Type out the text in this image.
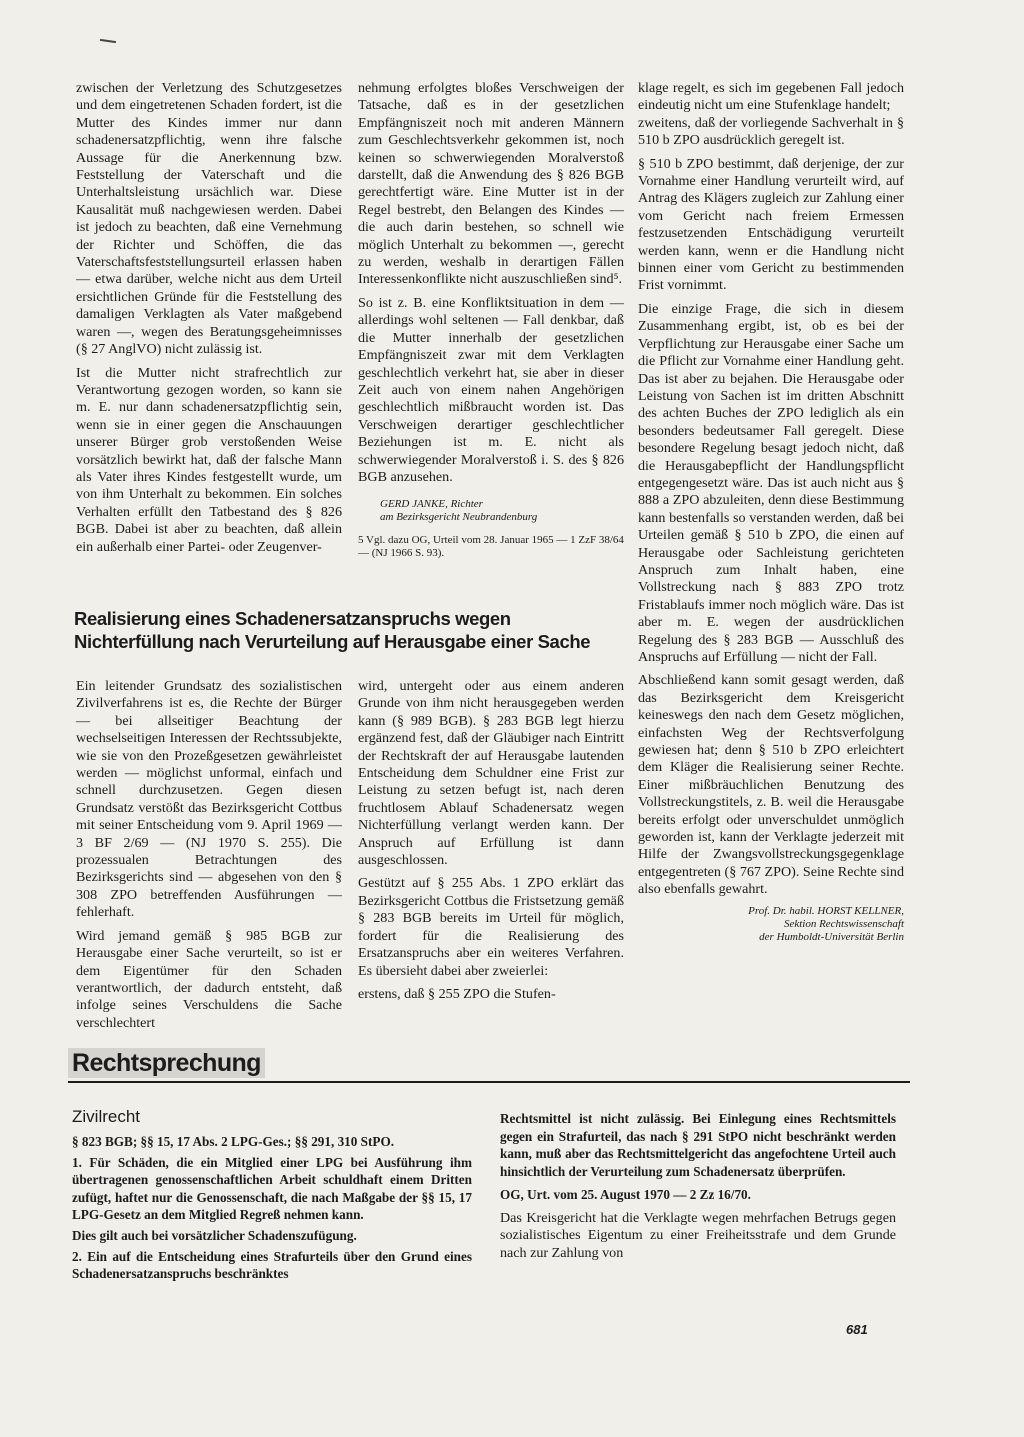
zwischen der Verletzung des Schutzgesetzes und dem eingetretenen Schaden fordert, ist die Mutter des Kindes immer nur dann schadenersatzpflichtig, wenn ihre falsche Aussage für die Anerkennung bzw. Feststellung der Vaterschaft und die Unterhaltsleistung ursächlich war. Diese Kausalität muß nachgewiesen werden. Dabei ist jedoch zu beachten, daß eine Vernehmung der Richter und Schöffen, die das Vaterschaftsfeststellungsurteil erlassen haben — etwa darüber, welche nicht aus dem Urteil ersichtlichen Gründe für die Feststellung des damaligen Verklagten als Vater maßgebend waren —, wegen des Beratungsgeheimnisses (§ 27 AnglVO) nicht zulässig ist.

Ist die Mutter nicht strafrechtlich zur Verantwortung gezogen worden, so kann sie m. E. nur dann schadenersatzpflichtig sein, wenn sie in einer gegen die Anschauungen unserer Bürger grob verstoßenden Weise vorsätzlich bewirkt hat, daß der falsche Mann als Vater ihres Kindes festgestellt wurde, um von ihm Unterhalt zu bekommen. Ein solches Verhalten erfüllt den Tatbestand des § 826 BGB. Dabei ist aber zu beachten, daß allein ein außerhalb einer Partei- oder Zeugenver-

nehmung erfolgtes bloßes Verschweigen der Tatsache, daß es in der gesetzlichen Empfängniszeit noch mit anderen Männern zum Geschlechtsverkehr gekommen ist, noch keinen so schwerwiegenden Moralverstoß darstellt, daß die Anwendung des § 826 BGB gerechtfertigt wäre. Eine Mutter ist in der Regel bestrebt, den Belangen des Kindes — die auch darin bestehen, so schnell wie möglich Unterhalt zu bekommen —, gerecht zu werden, weshalb in derartigen Fällen Interessenkonflikte nicht auszuschließen sind⁵.

So ist z. B. eine Konfliktsituation in dem — allerdings wohl seltenen — Fall denkbar, daß die Mutter innerhalb der gesetzlichen Empfängniszeit zwar mit dem Verklagten geschlechtlich verkehrt hat, sie aber in dieser Zeit auch von einem nahen Angehörigen geschlechtlich mißbraucht worden ist. Das Verschweigen derartiger geschlechtlicher Beziehungen ist m. E. nicht als schwerwiegender Moralverstoß i. S. des § 826 BGB anzusehen.

GERD JANKE, Richter
am Bezirksgericht Neubrandenburg
5 Vgl. dazu OG, Urteil vom 28. Januar 1965 — 1 ZzF 38/64 — (NJ 1966 S. 93).

klage regelt, es sich im gegebenen Fall jedoch eindeutig nicht um eine Stufenklage handelt;

zweitens, daß der vorliegende Sachverhalt in § 510 b ZPO ausdrücklich geregelt ist.

§ 510 b ZPO bestimmt, daß derjenige, der zur Vornahme einer Handlung verurteilt wird, auf Antrag des Klägers zugleich zur Zahlung einer vom Gericht nach freiem Ermessen festzusetzenden Entschädigung verurteilt werden kann, wenn er die Handlung nicht binnen einer vom Gericht zu bestimmenden Frist vornimmt.

Die einzige Frage, die sich in diesem Zusammenhang ergibt, ist, ob es bei der Verpflichtung zur Herausgabe einer Sache um die Pflicht zur Vornahme einer Handlung geht. Das ist aber zu bejahen. Die Herausgabe oder Leistung von Sachen ist im dritten Abschnitt des achten Buches der ZPO lediglich als ein besonders bedeutsamer Fall geregelt. Diese besondere Regelung besagt jedoch nicht, daß die Herausgabepflicht der Handlungspflicht entgegengesetzt wäre. Das ist auch nicht aus § 888 a ZPO abzuleiten, denn diese Bestimmung kann bestenfalls so verstanden werden, daß bei Urteilen gemäß § 510 b ZPO, die einen auf Herausgabe oder Sachleistung gerichteten Anspruch zum Inhalt haben, eine Vollstreckung nach § 883 ZPO trotz Fristablaufs immer noch möglich wäre. Das ist aber m. E. wegen der ausdrücklichen Regelung des § 283 BGB — Ausschluß des Anspruchs auf Erfüllung — nicht der Fall.

Abschließend kann somit gesagt werden, daß das Bezirksgericht dem Kreisgericht keineswegs den nach dem Gesetz möglichen, einfachsten Weg der Rechtsverfolgung gewiesen hat; denn § 510 b ZPO erleichtert dem Kläger die Realisierung seiner Rechte. Einer mißbräuchlichen Benutzung des Vollstreckungstitels, z. B. weil die Herausgabe bereits erfolgt oder unverschuldet unmöglich geworden ist, kann der Verklagte jederzeit mit Hilfe der Zwangsvollstreckungsgegenklage entgegentreten (§ 767 ZPO). Seine Rechte sind also ebenfalls gewahrt.

Prof. Dr. habil. HORST KELLNER,
Sektion Rechtswissenschaft
der Humboldt-Universität Berlin
Realisierung eines Schadenersatzanspruchs wegen Nichterfüllung nach Verurteilung auf Herausgabe einer Sache

Ein leitender Grundsatz des sozialistischen Zivilverfahrens ist es, die Rechte der Bürger — bei allseitiger Beachtung der wechselseitigen Interessen der Rechtssubjekte, wie sie von den Prozeßgesetzen gewährleistet werden — möglichst unformal, einfach und schnell durchzusetzen. Gegen diesen Grundsatz verstößt das Bezirksgericht Cottbus mit seiner Entscheidung vom 9. April 1969 — 3 BF 2/69 — (NJ 1970 S. 255). Die prozessualen Betrachtungen des Bezirksgerichts sind — abgesehen von den § 308 ZPO betreffenden Ausführungen — fehlerhaft.

Wird jemand gemäß § 985 BGB zur Herausgabe einer Sache verurteilt, so ist er dem Eigentümer für den Schaden verantwortlich, der dadurch entsteht, daß infolge seines Verschuldens die Sache verschlechtert

wird, untergeht oder aus einem anderen Grunde von ihm nicht herausgegeben werden kann (§ 989 BGB). § 283 BGB legt hierzu ergänzend fest, daß der Gläubiger nach Eintritt der Rechtskraft der auf Herausgabe lautenden Entscheidung dem Schuldner eine Frist zur Leistung zu setzen befugt ist, nach deren fruchtlosem Ablauf Schadenersatz wegen Nichterfüllung verlangt werden kann. Der Anspruch auf Erfüllung ist dann ausgeschlossen.

Gestützt auf § 255 Abs. 1 ZPO erklärt das Bezirksgericht Cottbus die Fristsetzung gemäß § 283 BGB bereits im Urteil für möglich, fordert für die Realisierung des Ersatzanspruchs aber ein weiteres Verfahren. Es übersieht dabei aber zweierlei:

erstens, daß § 255 ZPO die Stufen-

Rechtsprechung
Zivilrecht

§ 823 BGB; §§ 15, 17 Abs. 2 LPG-Ges.; §§ 291, 310 StPO.

1. Für Schäden, die ein Mitglied einer LPG bei Ausführung ihm übertragenen genossenschaftlichen Arbeit schuldhaft einem Dritten zufügt, haftet nur die Genossenschaft, die nach Maßgabe der §§ 15, 17 LPG-Gesetz an dem Mitglied Regreß nehmen kann.

Dies gilt auch bei vorsätzlicher Schadenszufügung.

2. Ein auf die Entscheidung eines Strafurteils über den Grund eines Schadenersatzanspruchs beschränktes

Rechtsmittel ist nicht zulässig. Bei Einlegung eines Rechtsmittels gegen ein Strafurteil, das nach § 291 StPO nicht beschränkt werden kann, muß aber das Rechtsmittelgericht das angefochtene Urteil auch hinsichtlich der Verurteilung zum Schadenersatz überprüfen.

OG, Urt. vom 25. August 1970 — 2 Zz 16/70.

Das Kreisgericht hat die Verklagte wegen mehrfachen Betrugs gegen sozialistisches Eigentum zu einer Freiheitsstrafe und dem Grunde nach zur Zahlung von

681
